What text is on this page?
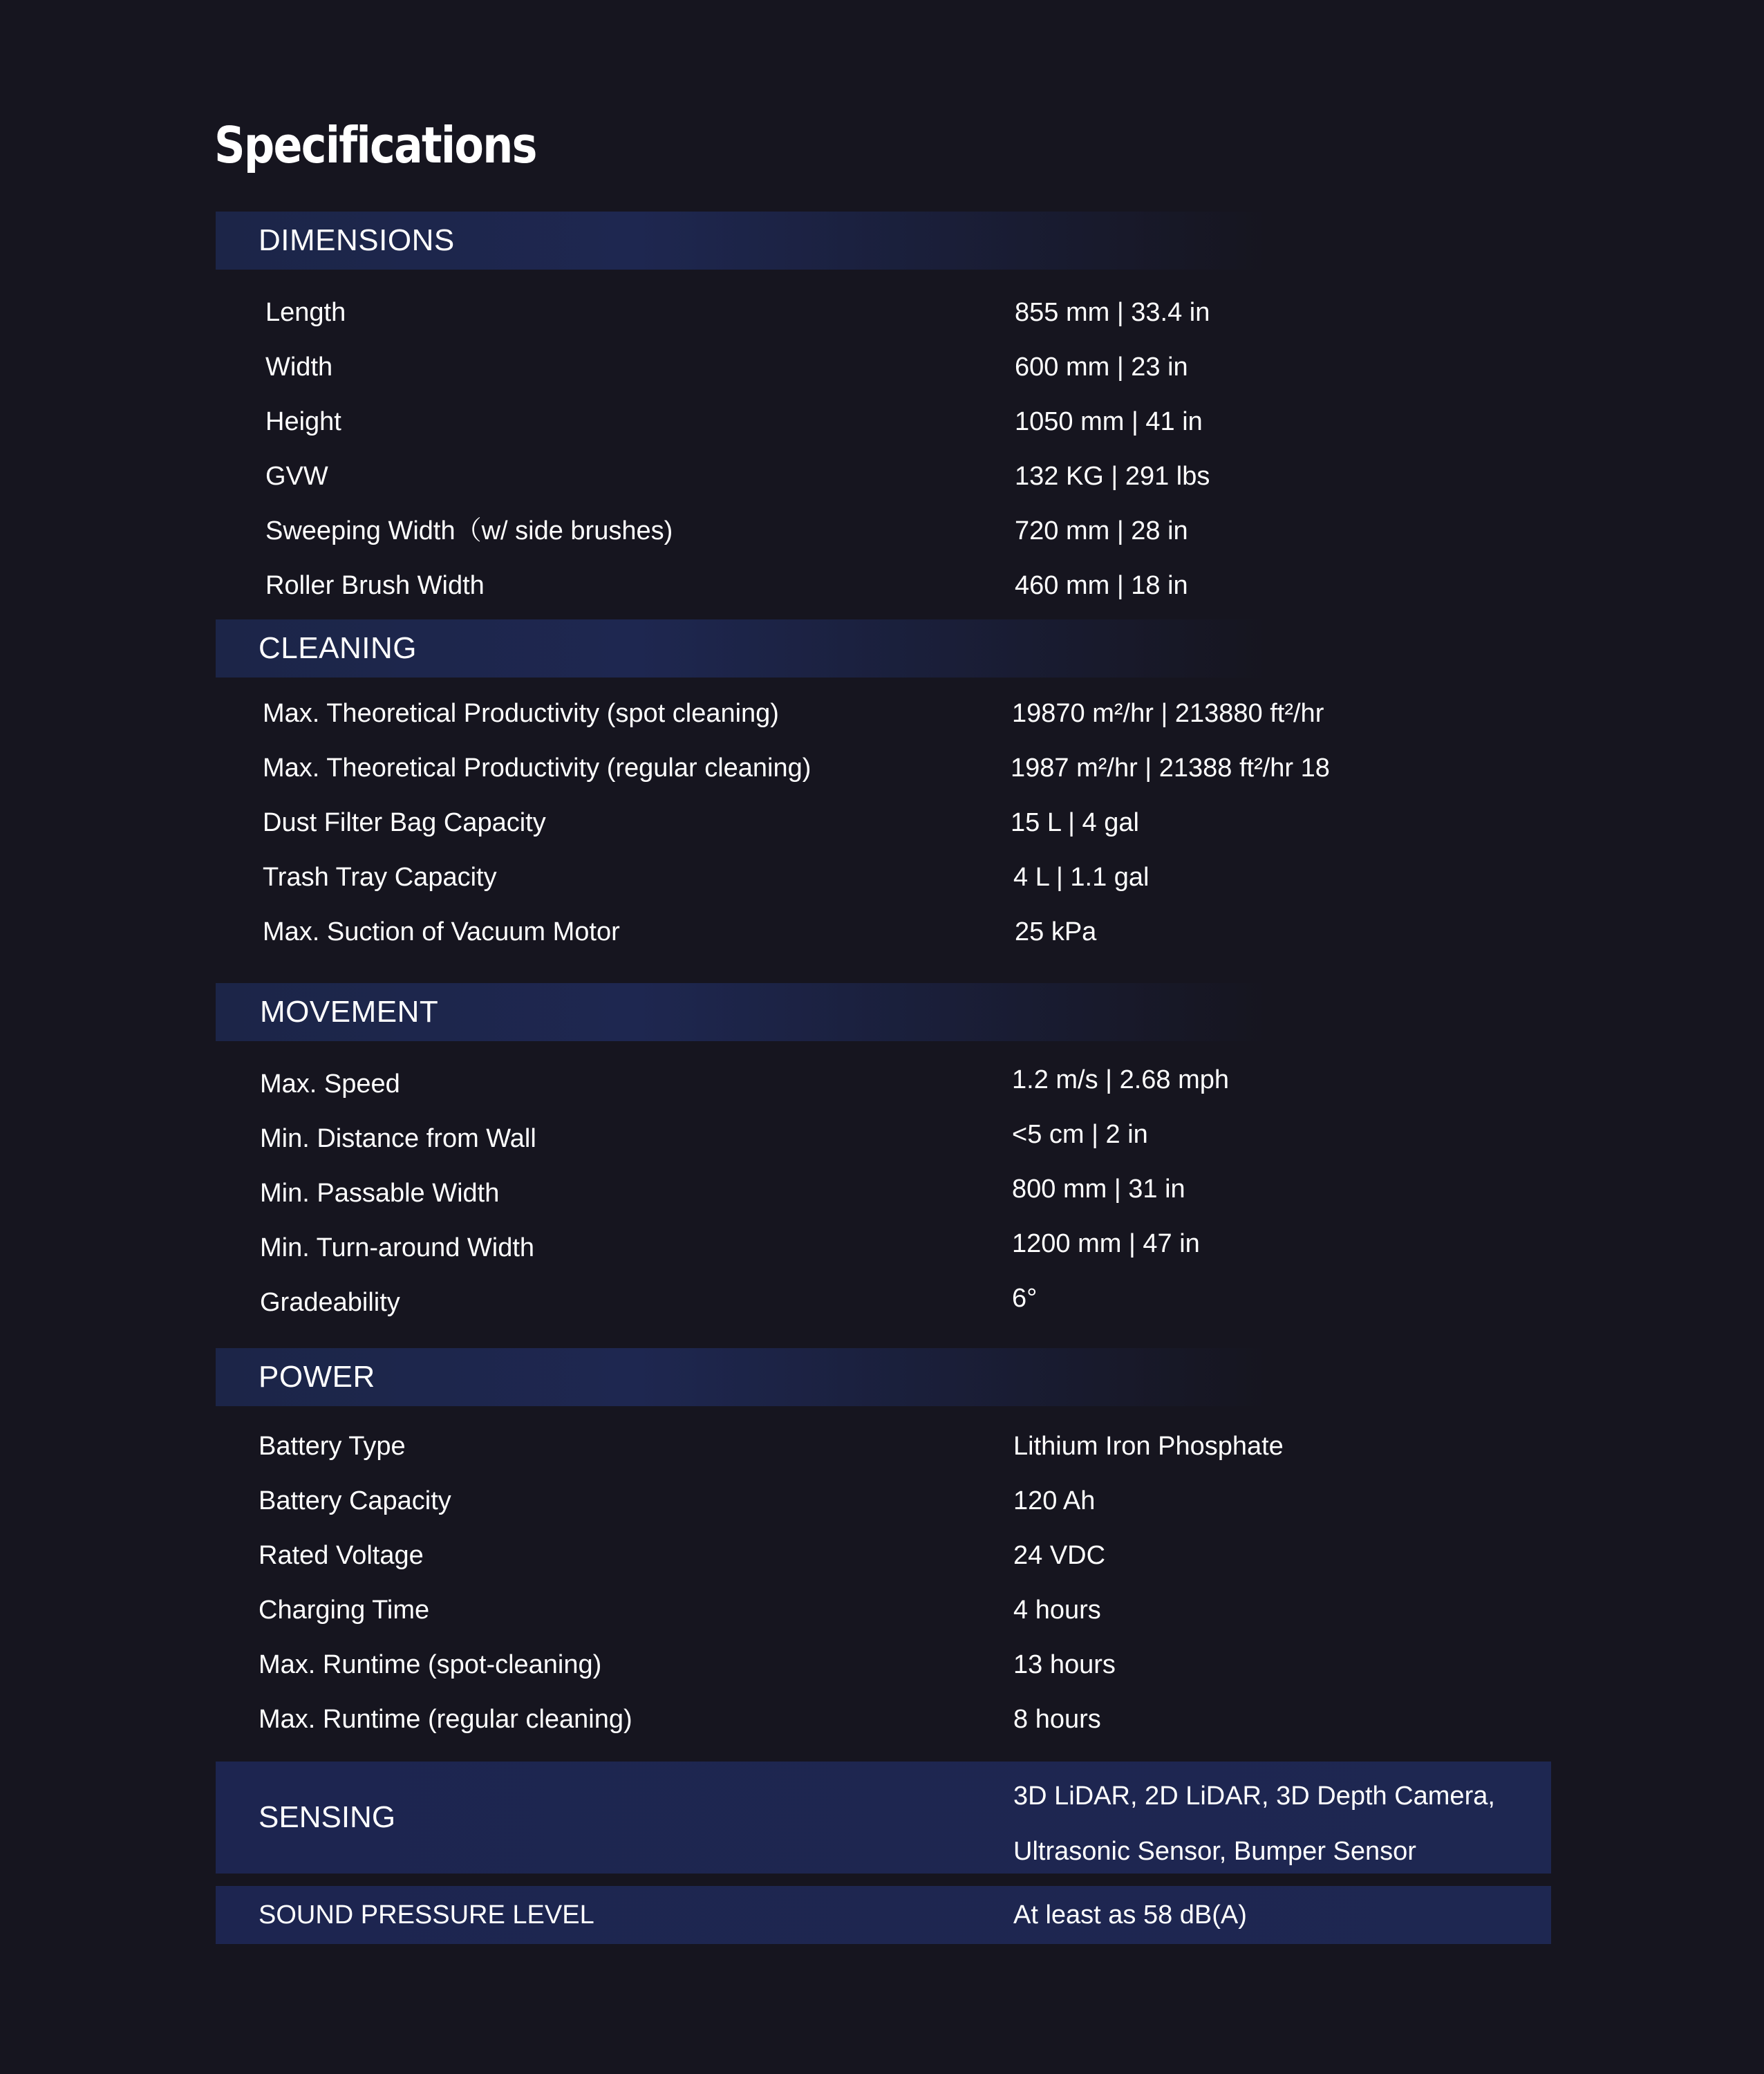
Specifications
DIMENSIONS
Length	855 mm | 33.4 in
Width	600 mm | 23 in
Height	1050 mm | 41 in
GVW	132 KG | 291 lbs
Sweeping Width（w/ side brushes)	720 mm | 28 in
Roller Brush Width	460 mm | 18 in
CLEANING
Max. Theoretical Productivity (spot cleaning)	19870 m²/hr | 213880 ft²/hr
Max. Theoretical Productivity (regular cleaning)	1987 m²/hr | 21388 ft²/hr 18
Dust Filter Bag Capacity	15 L | 4 gal
Trash Tray Capacity	4 L | 1.1 gal
Max. Suction of Vacuum Motor	25 kPa
MOVEMENT
Max. Speed	1.2 m/s | 2.68 mph
Min. Distance from Wall	<5 cm | 2 in
Min. Passable Width	800 mm | 31 in
Min. Turn-around Width	1200 mm | 47 in
Gradeability	6°
POWER
Battery Type	Lithium Iron Phosphate
Battery Capacity	120 Ah
Rated Voltage	24 VDC
Charging Time	4 hours
Max. Runtime (spot-cleaning)	13 hours
Max. Runtime (regular cleaning)	8 hours
SENSING
3D LiDAR, 2D LiDAR, 3D Depth Camera,
Ultrasonic Sensor, Bumper Sensor
SOUND PRESSURE LEVEL	At least as 58 dB(A)
